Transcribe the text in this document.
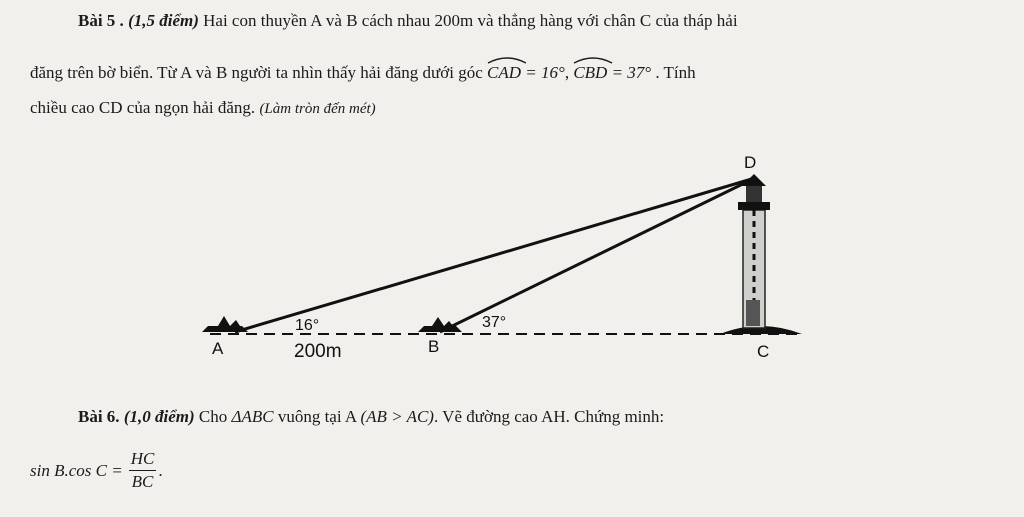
Bài 5 . (1,5 điểm) Hai con thuyền A và B cách nhau 200m và thẳng hàng với chân C của tháp hải
đăng trên bờ biển. Từ A và B người ta nhìn thấy hải đăng dưới góc CAD = 16°, CBD = 37° . Tính
chiều cao CD của ngọn hải đăng. (Làm tròn đến mét)
D
A	B	C
16°	37°
200m
Bài 6. (1,0 điểm) Cho ΔABC vuông tại A (AB > AC). Vẽ đường cao AH. Chứng minh:
sin B.cos $C = \frac{HC}{BC}$ .
